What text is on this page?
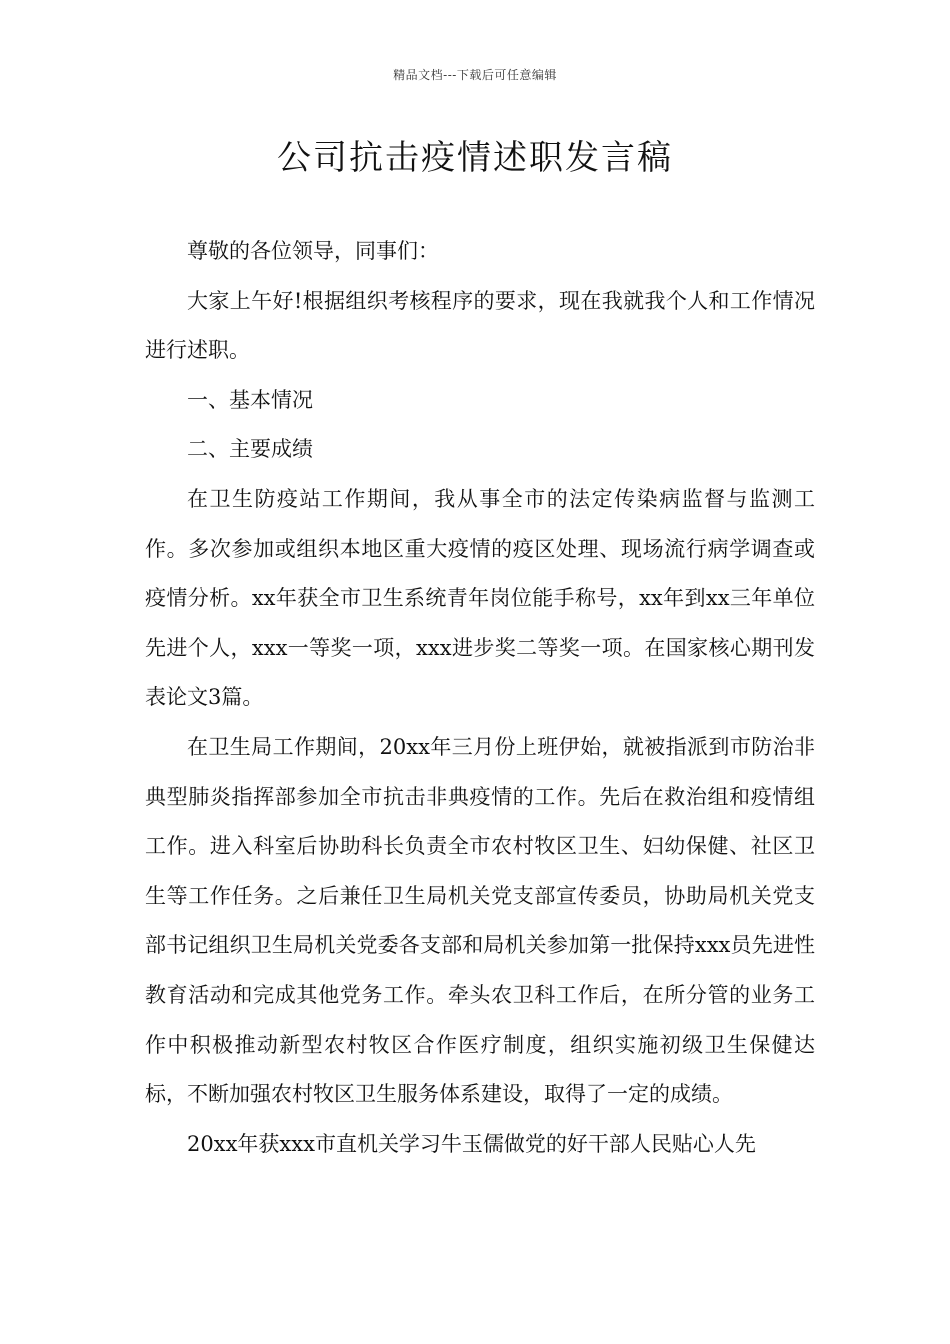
精品文档---下载后可任意编辑
公司抗击疫情述职发言稿

尊敬的各位领导，同事们：

大家上午好!根据组织考核程序的要求，现在我就我个人和工作情况进行述职。

一、基本情况

二、主要成绩

在卫生防疫站工作期间，我从事全市的法定传染病监督与监测工作。多次参加或组织本地区重大疫情的疫区处理、现场流行病学调查或疫情分析。xx年获全市卫生系统青年岗位能手称号，xx年到xx三年单位先进个人，xxx一等奖一项，xxx进步奖二等奖一项。在国家核心期刊发表论文3篇。

在卫生局工作期间，20xx年三月份上班伊始，就被指派到市防治非典型肺炎指挥部参加全市抗击非典疫情的工作。先后在救治组和疫情组工作。进入科室后协助科长负责全市农村牧区卫生、妇幼保健、社区卫生等工作任务。之后兼任卫生局机关党支部宣传委员，协助局机关党支部书记组织卫生局机关党委各支部和局机关参加第一批保持xxx员先进性教育活动和完成其他党务工作。牵头农卫科工作后，在所分管的业务工作中积极推动新型农村牧区合作医疗制度，组织实施初级卫生保健达标，不断加强农村牧区卫生服务体系建设，取得了一定的成绩。

20xx年获xxx市直机关学习牛玉儒做党的好干部人民贴心人先
